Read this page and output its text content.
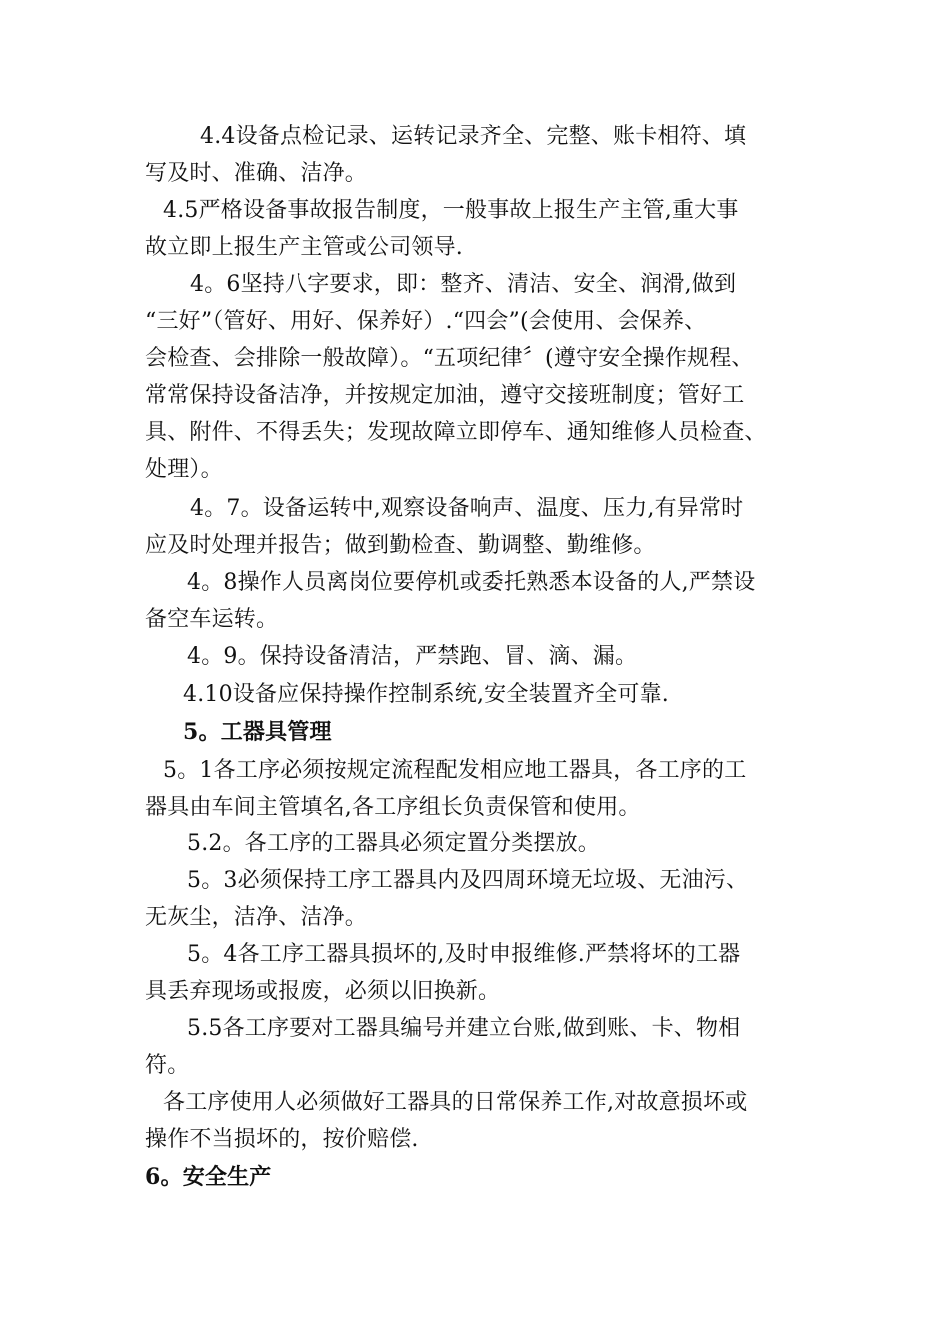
4.4设备点检记录、运转记录齐全、完整、账卡相符、填
写及时、准确、洁净。
4.5严格设备事故报告制度，一般事故上报生产主管,重大事
故立即上报生产主管或公司领导.
4。6坚持八字要求，即：整齐、清洁、安全、润滑,做到
“三好”（管好、用好、保养好）.“四会”(会使用、会保养、
会检查、会排除一般故障）。“五项纪律〞(遵守安全操作规程、
常常保持设备洁净，并按规定加油，遵守交接班制度；管好工
具、附件、不得丢失；发现故障立即停车、通知维修人员检查、
处理）。
4。7。设备运转中,观察设备响声、温度、压力,有异常时
应及时处理并报告；做到勤检查、勤调整、勤维修。
4。8操作人员离岗位要停机或委托熟悉本设备的人,严禁设
备空车运转。
4。9。保持设备清洁，严禁跑、冒、滴、漏。
4.10设备应保持操作控制系统,安全装置齐全可靠.
5。工器具管理
5。1各工序必须按规定流程配发相应地工器具，各工序的工
器具由车间主管填名,各工序组长负责保管和使用。
5.2。各工序的工器具必须定置分类摆放。
5。3必须保持工序工器具内及四周环境无垃圾、无油污、
无灰尘，洁净、洁净。
5。4各工序工器具损坏的,及时申报维修.严禁将坏的工器
具丢弃现场或报废，必须以旧换新。
5.5各工序要对工器具编号并建立台账,做到账、卡、物相
符。
各工序使用人必须做好工器具的日常保养工作,对故意损坏或
操作不当损坏的，按价赔偿.
6。安全生产
